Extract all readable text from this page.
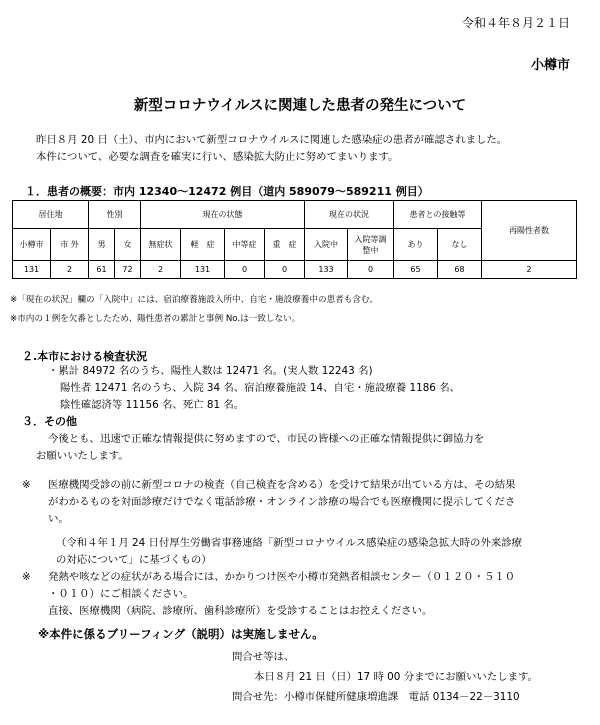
令和４年８月２１日
小樽市
新型コロナウイルスに関連した患者の発生について
昨日８月 20 日（土）、市内において新型コロナウイルスに関連した感染症の患者が確認されました。
本件について、必要な調査を確実に行い、感染拡大防止に努めてまいります。
１．患者の概要：市内 12340～12472 例目（道内 589079～589211 例目）
居住地		性別		現在の状態				現在の状況		患者との接触等		再陽性者数
小樽市	市 外	男	女	無症状	軽　症	中等症	重　症	入院中	入院等調整中	あり	なし	
131	2	61	72	2	131	0	0	133	0	65	68	2
※「現在の状況」欄の「入院中」には、宿泊療養施設入所中、自宅・施設療養中の患者も含む。
※市内の１例を欠番としたため、陽性患者の累計と事例 No.は一致しない。
２.本市における検査状況
・累計 84972 名のうち、陽性人数は 12471 名。(実人数 12243 名)
陽性者 12471 名のうち、入院 34 名、宿泊療養施設 14、自宅・施設療養 1186 名、
陰性確認済等 11156 名、死亡 81 名。
３．その他
今後とも、迅速で正確な情報提供に努めますので、市民の皆様への正確な情報提供に御協力を
お願いいたします。
※	医療機関受診の前に新型コロナの検査（自己検査を含める）を受けて結果が出ている方は、その結果
がわかるものを対面診療だけでなく電話診療・オンライン診療の場合でも医療機関に提示してくださ
い。
（令和４年１月 24 日付厚生労働省事務連絡「新型コロナウイルス感染症の感染急拡大時の外来診療
の対応について」に基づくもの）
※	発熱や咳などの症状がある場合には、かかりつけ医や小樽市発熱者相談センター（０１２０・５１０
・０１０）にご相談ください。
直接、医療機関（病院、診療所、歯科診療所）を受診することはお控えください。
※本件に係るブリーフィング（説明）は実施しません。
問合せ等は、
本日８月 21 日（日）17 時 00 分までにお願いいたします。
問合せ先：小樽市保健所健康増進課　電話 0134－22－3110
